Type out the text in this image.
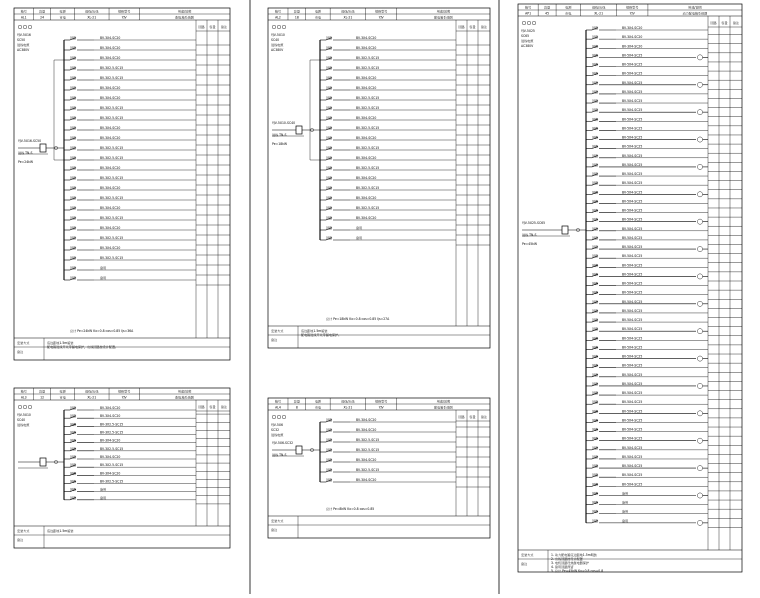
箱号
AL1
容量
24
电源
市电
进线/出线
XL-21
规格型号
YJV
用途/说明
配电箱系统图
回路 容量 备注
YJV-5X16
SC50
进线电源
AC380V
YJV-5X16-SC50
进线 TN-S
Pe=24kW
回路	BV-3X4-SC20
回路	BV-3X4-SC20
回路	BV-3X4-SC20
回路	BV-3X2.5-SC15
回路	BV-3X2.5-SC15
回路	BV-3X4-SC20
回路	BV-3X4-SC20
回路	BV-3X2.5-SC15
回路	BV-3X2.5-SC15
回路	BV-3X4-SC20
回路	BV-3X4-SC20
回路	BV-3X2.5-SC15
回路	BV-3X2.5-SC15
回路	BV-3X4-SC20
回路	BV-3X2.5-SC15
回路	BV-3X4-SC20
回路	BV-3X2.5-SC15
回路	BV-3X4-SC20
回路	BV-3X2.5-SC15
回路	BV-3X4-SC20
回路	BV-3X2.5-SC15
回路	BV-3X4-SC20
回路	BV-3X2.5-SC15
回路	备用
回路	备用
总计 Pe=24kW Kx=0.8 cos=0.85 Ijs=36A
安装方式
备注
底边距地1.5m暗装
配电箱进线开关带漏电保护，出线回路按设计配置。
箱号
AL2
容量
18
电源
市电
进线/出线
XL-21
规格型号
YJV
用途/说明
配电箱系统图
回路 容量 备注
YJV-5X10
SC40
进线电源
AC380V
YJV-5X10-SC40
进线 TN-S
Pe=18kW
回路	BV-3X4-SC20
回路	BV-3X4-SC20
回路	BV-3X2.5-SC15
回路	BV-3X2.5-SC15
回路	BV-3X4-SC20
回路	BV-3X4-SC20
回路	BV-3X2.5-SC15
回路	BV-3X2.5-SC15
回路	BV-3X4-SC20
回路	BV-3X2.5-SC15
回路	BV-3X4-SC20
回路	BV-3X2.5-SC15
回路	BV-3X4-SC20
回路	BV-3X2.5-SC15
回路	BV-3X4-SC20
回路	BV-3X2.5-SC15
回路	BV-3X4-SC20
回路	BV-3X2.5-SC15
回路	BV-3X4-SC20
回路	备用
回路	备用
总计 Pe=18kW Kx=0.8 cos=0.85 Ijs=27A
安装方式
备注
底边距地1.5m暗装
配电箱进线开关带漏电保护。
箱号
AL3
容量
12
电源
市电
进线/出线
XL-21
规格型号
YJV
用途/说明
配电箱系统图
回路 容量 备注
YJV-5X10
SC40
进线电源
回路	BV-3X4-SC20
回路	BV-3X4-SC20
回路	BV-3X2.5-SC15
回路	BV-3X2.5-SC15
回路	BV-3X4-SC20
回路	BV-3X2.5-SC15
回路	BV-3X4-SC20
回路	BV-3X2.5-SC15
回路	BV-3X4-SC20
回路	BV-3X2.5-SC15
回路	备用
回路	备用
安装方式
备注
底边距地1.5m暗装
箱号
AL4
容量
8
电源
市电
进线/出线
XL-21
规格型号
YJV
用途/说明
配电箱系统图
回路 容量 备注
YJV-5X6
SC32
进线电源
YJV-5X6-SC32
进线 TN-S
回路	BV-3X4-SC20
回路	BV-3X4-SC20
回路	BV-3X2.5-SC15
回路	BV-3X2.5-SC15
回路	BV-3X4-SC20
回路	BV-3X2.5-SC15
回路	BV-3X4-SC20
总计 Pe=8kW Kx=0.8 cos=0.85
安装方式
备注
箱号
AP1
容量
45
电源
市电
进线/出线
XL-21
规格型号
YJV
用途/说明
动力配电箱系统图
回路 容量 备注
YJV-5X25
SC65
进线电源
AC380V
YJV-5X25-SC65
进线 TN-S
Pe=45kW
回路	BV-3X4-SC20
回路	BV-3X4-SC20
回路	BV-3X4-SC20
回路	BV-5X4-SC25
回路	BV-5X4-SC25
回路	BV-5X4-SC25
回路	BV-5X4-SC25
回路	BV-5X4-SC25
回路	BV-5X4-SC25
回路	BV-5X4-SC25
回路	BV-5X4-SC25
回路	BV-5X4-SC25
回路	BV-5X4-SC25
回路	BV-5X4-SC25
回路	BV-5X4-SC25
回路	BV-5X4-SC25
回路	BV-5X4-SC25
回路	BV-5X4-SC25
回路	BV-5X4-SC25
回路	BV-5X4-SC25
回路	BV-5X4-SC25
回路	BV-5X4-SC25
回路	BV-5X4-SC25
回路	BV-5X4-SC25
回路	BV-5X4-SC25
回路	BV-5X4-SC25
回路	BV-5X4-SC25
回路	BV-5X4-SC25
回路	BV-5X4-SC25
回路	BV-5X4-SC25
回路	BV-5X4-SC25
回路	BV-5X4-SC25
回路	BV-5X4-SC25
回路	BV-5X4-SC25
回路	BV-5X4-SC25
回路	BV-5X4-SC25
回路	BV-5X4-SC25
回路	BV-5X4-SC25
回路	BV-5X4-SC25
回路	BV-5X4-SC25
回路	BV-5X4-SC25
回路	BV-5X4-SC25
回路	BV-5X4-SC25
回路	BV-5X4-SC25
回路	BV-5X4-SC25
回路	BV-5X4-SC25
回路	BV-5X4-SC25
回路	BV-5X4-SC25
回路	BV-5X4-SC25
回路	BV-5X4-SC25
回路	BV-5X4-SC25
回路	备用
回路	备用
回路	备用
回路	备用
安装方式
备注
1. 动力配电箱底边距地1.5m明装
2. 出线回路按设计配置
3. 电机回路设热继电器保护
4. 备用回路预留
5. 总计 Pe=45kW Kx=0.8 cos=0.8
